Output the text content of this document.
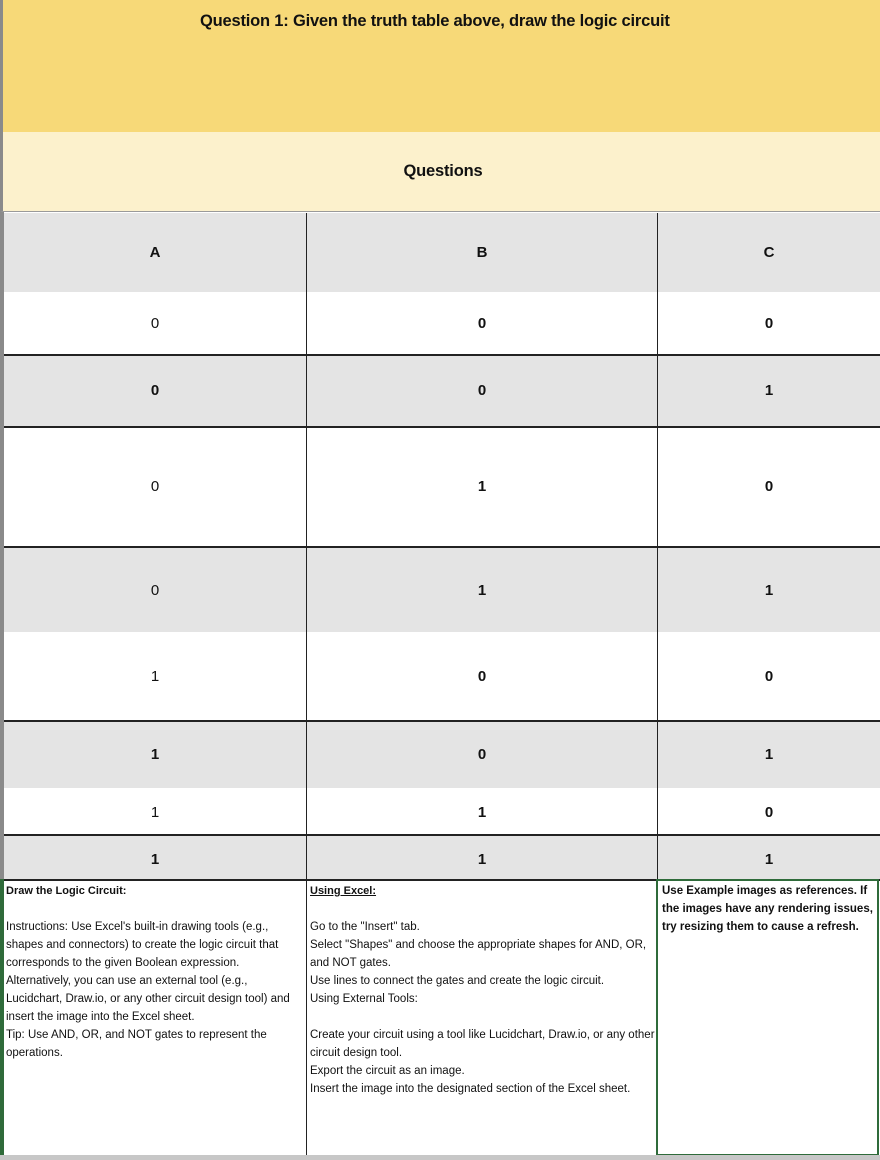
Question 1: Given the truth table above, draw the logic circuit
Questions
A	B	C
0	0	0
0	0	1
0	1	0
0	1	1
1	0	0
1	0	1
1	1	0
1	1	1
Draw the Logic Circuit:
Instructions: Use Excel's built-in drawing tools (e.g., shapes and connectors) to create the logic circuit that corresponds to the given Boolean expression. Alternatively, you can use an external tool (e.g., Lucidchart, Draw.io, or any other circuit design tool) and insert the image into the Excel sheet.
Tip: Use AND, OR, and NOT gates to represent the operations.
Using Excel:
Go to the "Insert" tab.
Select "Shapes" and choose the appropriate shapes for AND, OR, and NOT gates.
Use lines to connect the gates and create the logic circuit.
Using External Tools:

Create your circuit using a tool like Lucidchart, Draw.io, or any other circuit design tool.
Export the circuit as an image.
Insert the image into the designated section of the Excel sheet.
Use Example images as references. If the images have any rendering issues, try resizing them to cause a refresh.
